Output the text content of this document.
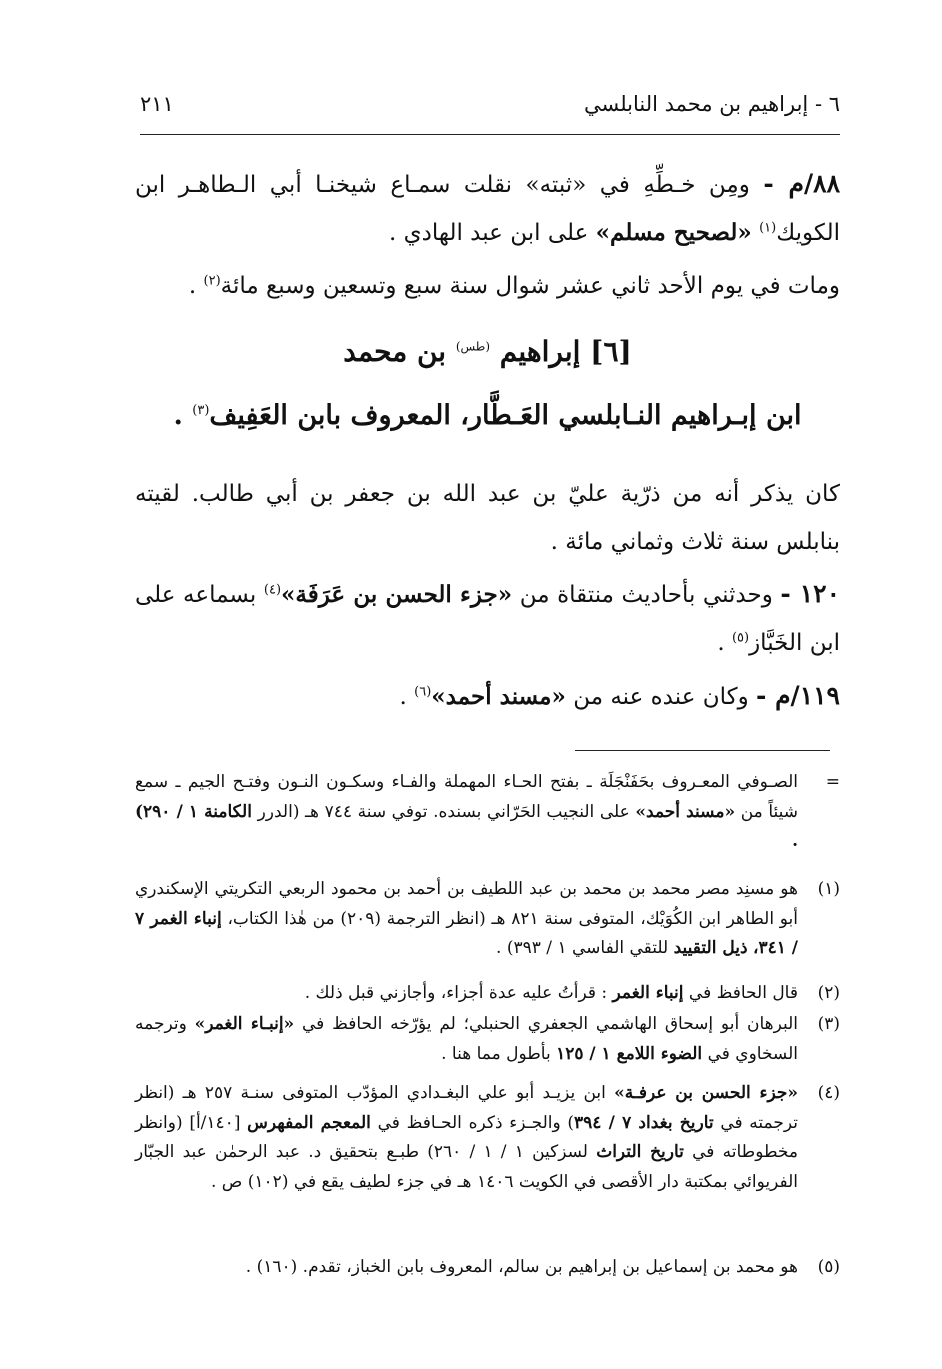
٦ - إبراهيم بن محمد النابلسي
٢١١
٨٨/م - ومِن خـطِّهِ في «ثبته» نقلت سمـاع شيخنـا أبي الـطاهـر ابن الكويك$^{(١)}$ «لصحيح مسلم» على ابن عبد الهادي .
ومات في يوم الأحد ثاني عشر شوال سنة سبع وتسعين وسبع مائة$^{(٢)}$ .
[٦] إبراهيم $^{(طس)}$ بن محمد
ابن إبـراهيم النـابلسي العَـطَّار، المعروف بابن العَفِيف$^{(٣)}$ .
كان يذكر أنه من ذرّية عليّ بن عبد الله بن جعفر بن أبي طالب. لقيته بنابلس سنة ثلاث وثماني مائة .
١٢٠ - وحدثني بأحاديث منتقاة من «جزء الحسن بن عَرَفَة»$^{(٤)}$ بسماعه على ابن الخَبَّاز$^{(٥)}$ .
١١٩/م - وكان عنده عنه من «مسند أحمد»$^{(٦)}$ .
=
الصـوفي المعـروف بحَفَنْجَلَة ـ بفتح الحـاء المهملة والفـاء وسكـون النـون وفتـح الجيم ـ سمع شيئاً من «مسند أحمد» على النجيب الحَرّاني بسنده. توفي سنة ٧٤٤ هـ (الدرر الكامنة ١ / ٢٩٠) .
(١)
هو مسنِد مصر محمد بن محمد بن عبد اللطيف بن أحمد بن محمود الربعي التكريتي الإسكندري أبو الطاهر ابن الكُوَيْك، المتوفى سنة ٨٢١ هـ (انظر الترجمة (٢٠٩) من هٰذا الكتاب، إنباء الغمر ٧ / ٣٤١، ذيل التقييد للتقي الفاسي ١ / ٣٩٣) .
(٢)
قال الحافظ في إنباء الغمر : قرأتُ عليه عدة أجزاء، وأجازني قبل ذلك .
(٣)
البرهان أبو إسحاق الهاشمي الجعفري الحنبلي؛ لم يؤرّخه الحافظ في «إنبـاء الغمر» وترجمه السخاوي في الضوء اللامع ١ / ١٢٥ بأطول مما هنا .
(٤)
«جزء الحسن بن عرفـة» ابن يزيـد أبو علي البغـدادي المؤدّب المتوفى سنـة ٢٥٧ هـ (انظر ترجمته في تاريخ بغداد ٧ / ٣٩٤) والجـزء ذكره الحـافظ في المعجم المفهرس [١٤٠/أ] (وانظر مخطوطاته في تاريخ التراث لسزكين ١ / ١ / ٢٦٠) طبـع بتحقيق د. عبد الرحمٰن عبد الجبّار الفريوائي بمكتبة دار الأقصى في الكويت ١٤٠٦ هـ في جزء لطيف يقع في (١٠٢) ص .
(٥)
هو محمد بن إسماعيل بن إبراهيم بن سالم، المعروف بابن الخباز، تقدم. (١٦٠) .
